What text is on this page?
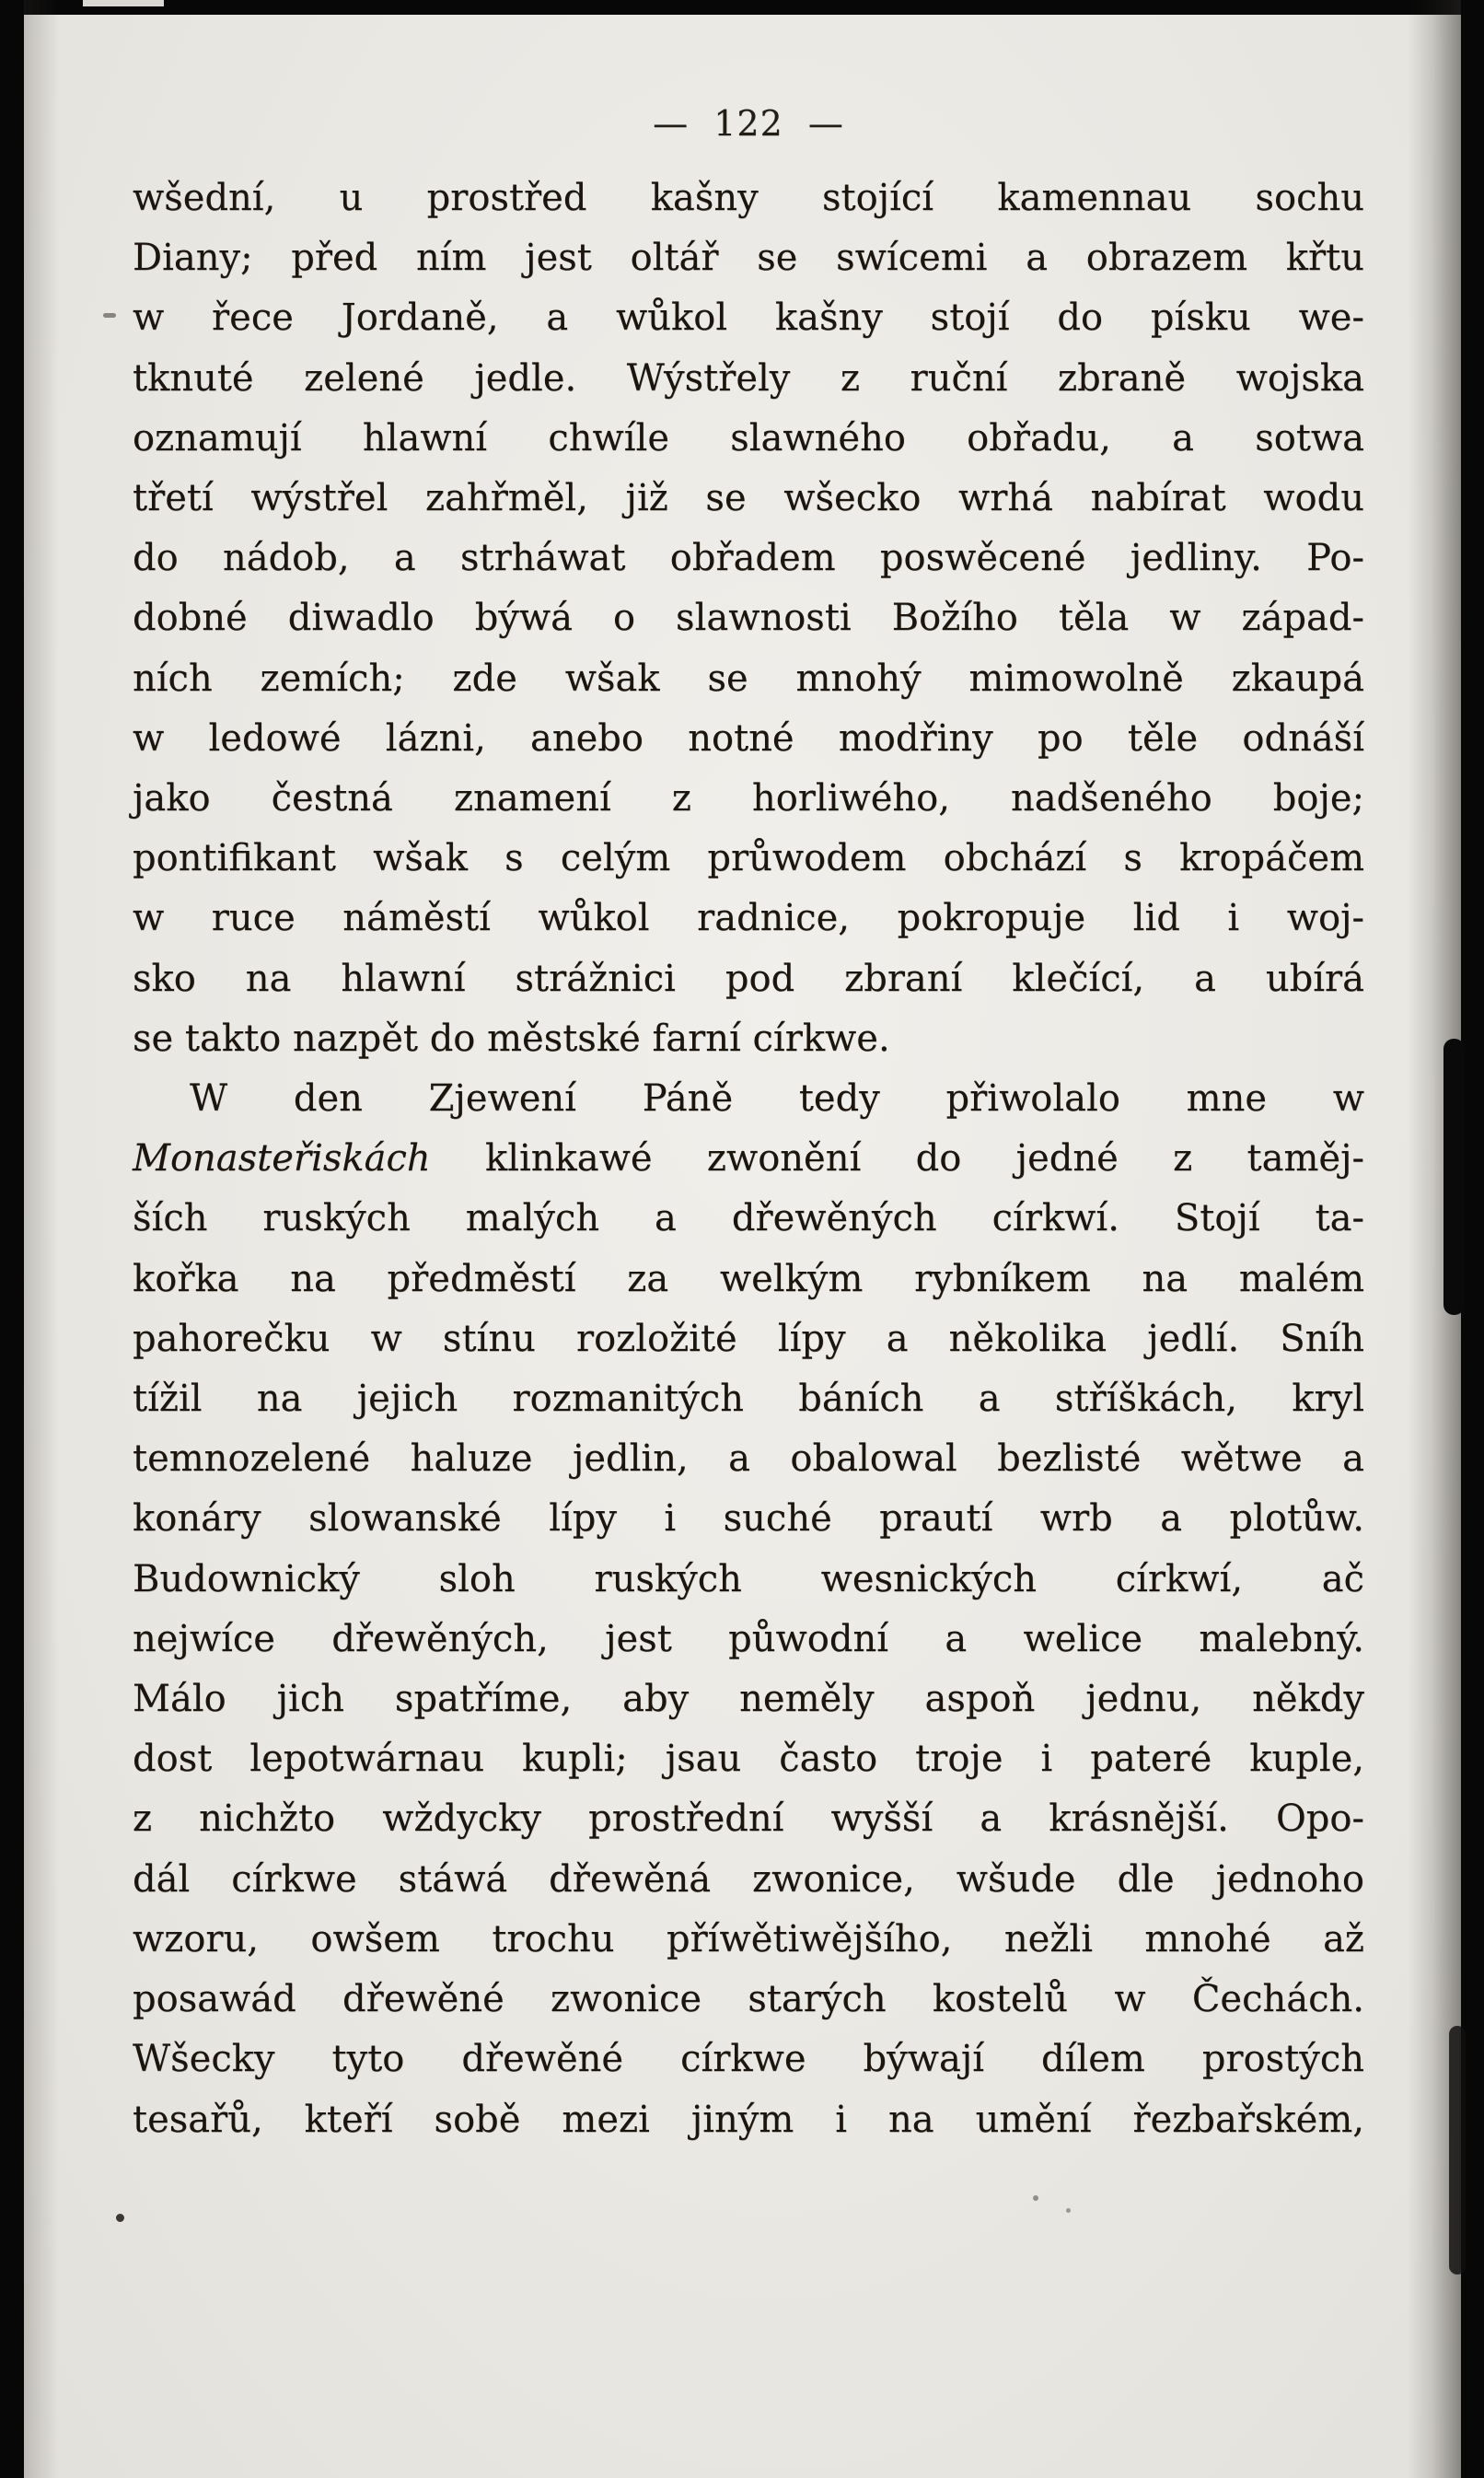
— 122 —
wšední, u prostřed kašny stojící kamennau sochu
Diany; před ním jest oltář se swícemi a obrazem křtu
w řece Jordaně, a wůkol kašny stojí do písku we-
tknuté zelené jedle. Wýstřely z ruční zbraně wojska
oznamují hlawní chwíle slawného obřadu, a sotwa
třetí wýstřel zahřměl, již se wšecko wrhá nabírat wodu
do nádob, a strháwat obřadem poswěcené jedliny. Po-
dobné diwadlo býwá o slawnosti Božího těla w západ-
ních zemích; zde wšak se mnohý mimowolně zkaupá
w ledowé lázni, anebo notné modřiny po těle odnáší
jako čestná znamení z horliwého, nadšeného boje;
pontifikant wšak s celým průwodem obchází s kropáčem
w ruce náměstí wůkol radnice, pokropuje lid i woj-
sko na hlawní strážnici pod zbraní klečící, a ubírá
se takto nazpět do městské farní církwe.
W den Zjewení Páně tedy přiwolalo mne w
Monasteřiskách klinkawé zwonění do jedné z taměj-
ších ruských malých a dřewěných církwí. Stojí ta-
kořka na předměstí za welkým rybníkem na malém
pahorečku w stínu rozložité lípy a několika jedlí. Sníh
tížil na jejich rozmanitých báních a stříškách, kryl
temnozelené haluze jedlin, a obalowal bezlisté wětwe a
konáry slowanské lípy i suché prautí wrb a plotůw.
Budownický sloh ruských wesnických církwí, ač
nejwíce dřewěných, jest půwodní a welice malebný.
Málo jich spatříme, aby neměly aspoň jednu, někdy
dost lepotwárnau kupli; jsau často troje i pateré kuple,
z nichžto wždycky prostřední wyšší a krásnější. Opo-
dál církwe stáwá dřewěná zwonice, wšude dle jednoho
wzoru, owšem trochu příwětiwějšího, nežli mnohé až
posawád dřewěné zwonice starých kostelů w Čechách.
Wšecky tyto dřewěné církwe býwají dílem prostých
tesařů, kteří sobě mezi jiným i na umění řezbařském,
